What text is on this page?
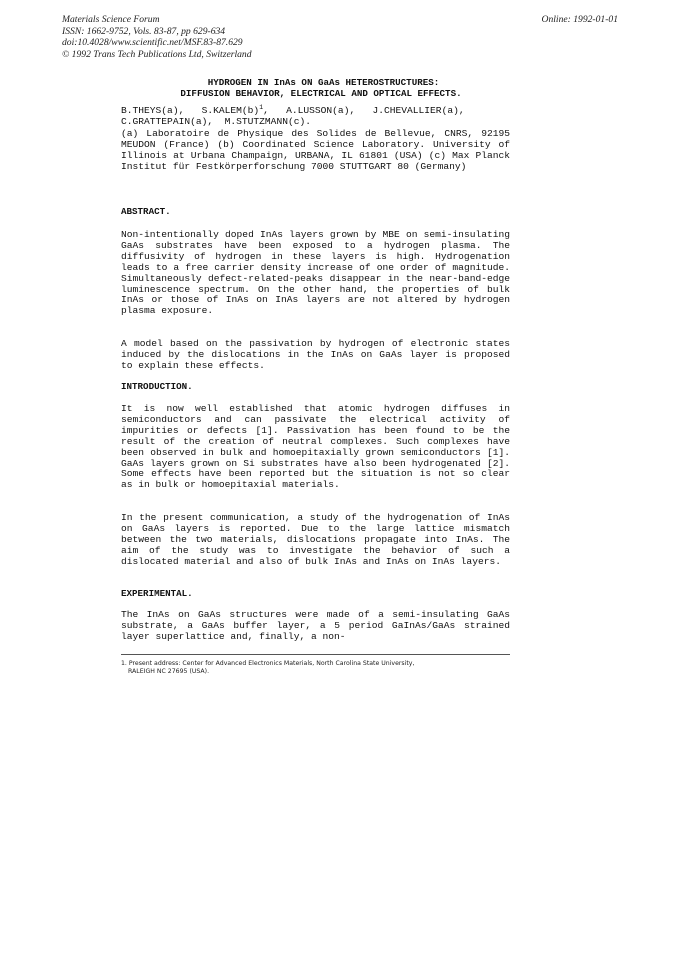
Materials Science Forum
ISSN: 1662-9752, Vols. 83-87, pp 629-634
doi:10.4028/www.scientific.net/MSF.83-87.629
© 1992 Trans Tech Publications Ltd, Switzerland
Online: 1992-01-01
HYDROGEN IN InAs ON GaAs HETEROSTRUCTURES:
DIFFUSION BEHAVIOR, ELECTRICAL AND OPTICAL EFFECTS.
B.THEYS(a),   $S.KALEM(b)^1$,   A.LUSSON(a),   J.CHEVALLIER(a),
C.GRATTEPAIN(a),  M.STUTZMANN(c).

(a) Laboratoire de Physique des Solides de Bellevue, CNRS, 92195 MEUDON (France) (b) Coordinated Science Laboratory. University of Illinois at Urbana Champaign, URBANA, IL 61801 (USA) (c) Max Planck Institut für Festkörperforschung 7000 STUTTGART 80 (Germany)

ABSTRACT.

Non-intentionally doped InAs layers grown by MBE on semi-insulating GaAs substrates have been exposed to a hydrogen plasma. The diffusivity of hydrogen in these layers is high. Hydrogenation leads to a free carrier density increase of one order of magnitude. Simultaneously defect-related-peaks disappear in the near-band-edge luminescence spectrum. On the other hand, the properties of bulk InAs or those of InAs on InAs layers are not altered by hydrogen plasma exposure.

A model based on the passivation by hydrogen of electronic states induced by the dislocations in the InAs on GaAs layer is proposed to explain these effects.

INTRODUCTION.

It is now well established that atomic hydrogen diffuses in semiconductors and can passivate the electrical activity of impurities or defects [1]. Passivation has been found to be the result of the creation of neutral complexes. Such complexes have been observed in bulk and homoepitaxially grown semiconductors [1]. GaAs layers grown on Si substrates have also been hydrogenated [2]. Some effects have been reported but the situation is not so clear as in bulk or homoepitaxial materials.

In the present communication, a study of the hydrogenation of InAs on GaAs layers is reported. Due to the large lattice mismatch between the two materials, dislocations propagate into InAs. The aim of the study was to investigate the behavior of such a dislocated material and also of bulk InAs and InAs on InAs layers.

EXPERIMENTAL.

The InAs on GaAs structures were made of a semi-insulating GaAs substrate, a GaAs buffer layer, a 5 period GaInAs/GaAs strained layer superlattice and, finally, a non-

1. Present address: Center for Advanced Electronics Materials, North Carolina State University,
RALEIGH NC 27695 (USA).
